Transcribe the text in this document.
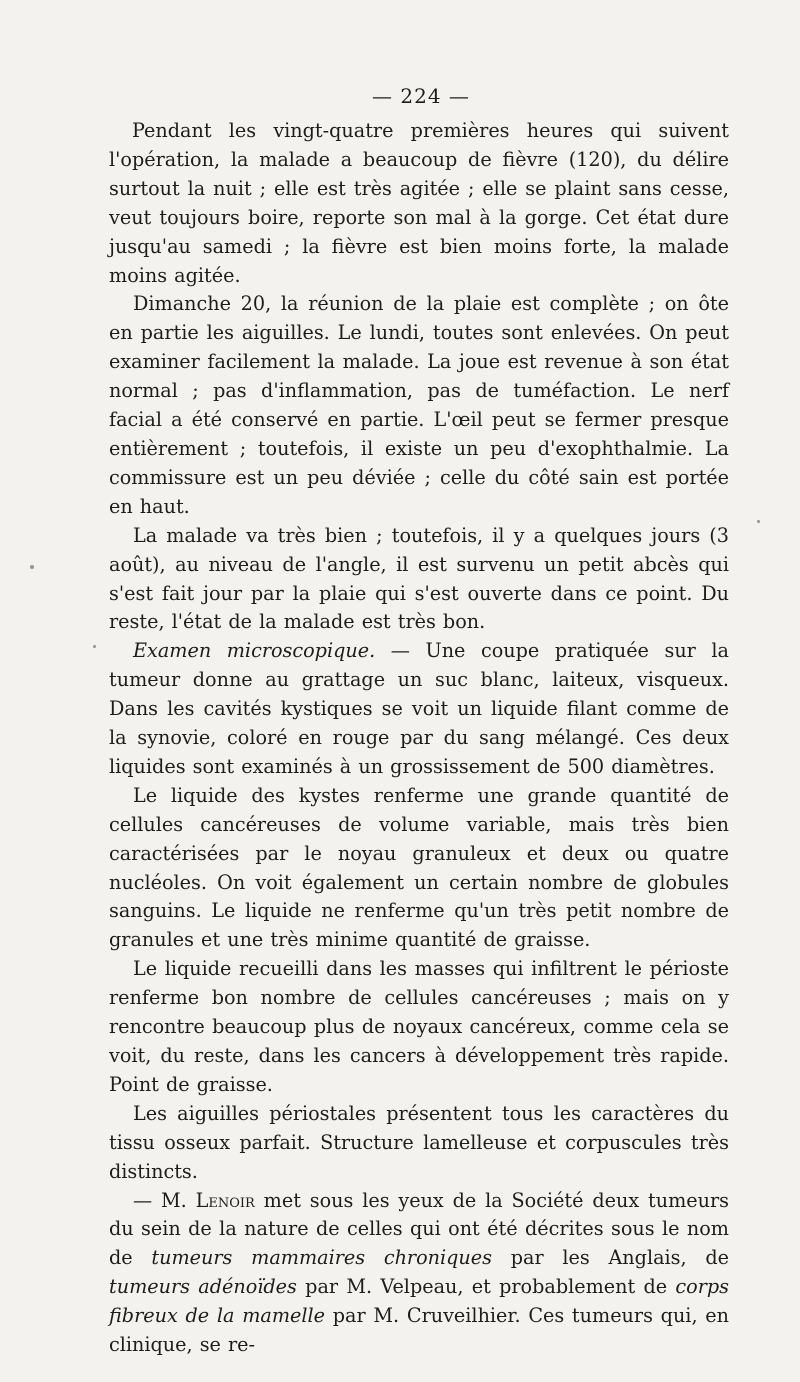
— 224 —

Pendant les vingt-quatre premières heures qui suivent l'opération, la malade a beaucoup de fièvre (120), du délire surtout la nuit ; elle est très agitée ; elle se plaint sans cesse, veut toujours boire, reporte son mal à la gorge. Cet état dure jusqu'au samedi ; la fièvre est bien moins forte, la malade moins agitée.

Dimanche 20, la réunion de la plaie est complète ; on ôte en partie les aiguilles. Le lundi, toutes sont enlevées. On peut examiner facilement la malade. La joue est revenue à son état normal ; pas d'inflammation, pas de tuméfaction. Le nerf facial a été conservé en partie. L'œil peut se fermer presque entièrement ; toutefois, il existe un peu d'exophthalmie. La commissure est un peu déviée ; celle du côté sain est portée en haut.

La malade va très bien ; toutefois, il y a quelques jours (3 août), au niveau de l'angle, il est survenu un petit abcès qui s'est fait jour par la plaie qui s'est ouverte dans ce point. Du reste, l'état de la malade est très bon.

Examen microscopique. — Une coupe pratiquée sur la tumeur donne au grattage un suc blanc, laiteux, visqueux. Dans les cavités kystiques se voit un liquide filant comme de la synovie, coloré en rouge par du sang mélangé. Ces deux liquides sont examinés à un grossissement de 500 diamètres.

Le liquide des kystes renferme une grande quantité de cellules cancéreuses de volume variable, mais très bien caractérisées par le noyau granuleux et deux ou quatre nucléoles. On voit également un certain nombre de globules sanguins. Le liquide ne renferme qu'un très petit nombre de granules et une très minime quantité de graisse.

Le liquide recueilli dans les masses qui infiltrent le périoste renferme bon nombre de cellules cancéreuses ; mais on y rencontre beaucoup plus de noyaux cancéreux, comme cela se voit, du reste, dans les cancers à développement très rapide. Point de graisse.

Les aiguilles périostales présentent tous les caractères du tissu osseux parfait. Structure lamelleuse et corpuscules très distincts.

— M. Lenoir met sous les yeux de la Société deux tumeurs du sein de la nature de celles qui ont été décrites sous le nom de tumeurs mammaires chroniques par les Anglais, de tumeurs adénoïdes par M. Velpeau, et probablement de corps fibreux de la mamelle par M. Cruveilhier. Ces tumeurs qui, en clinique, se re-
